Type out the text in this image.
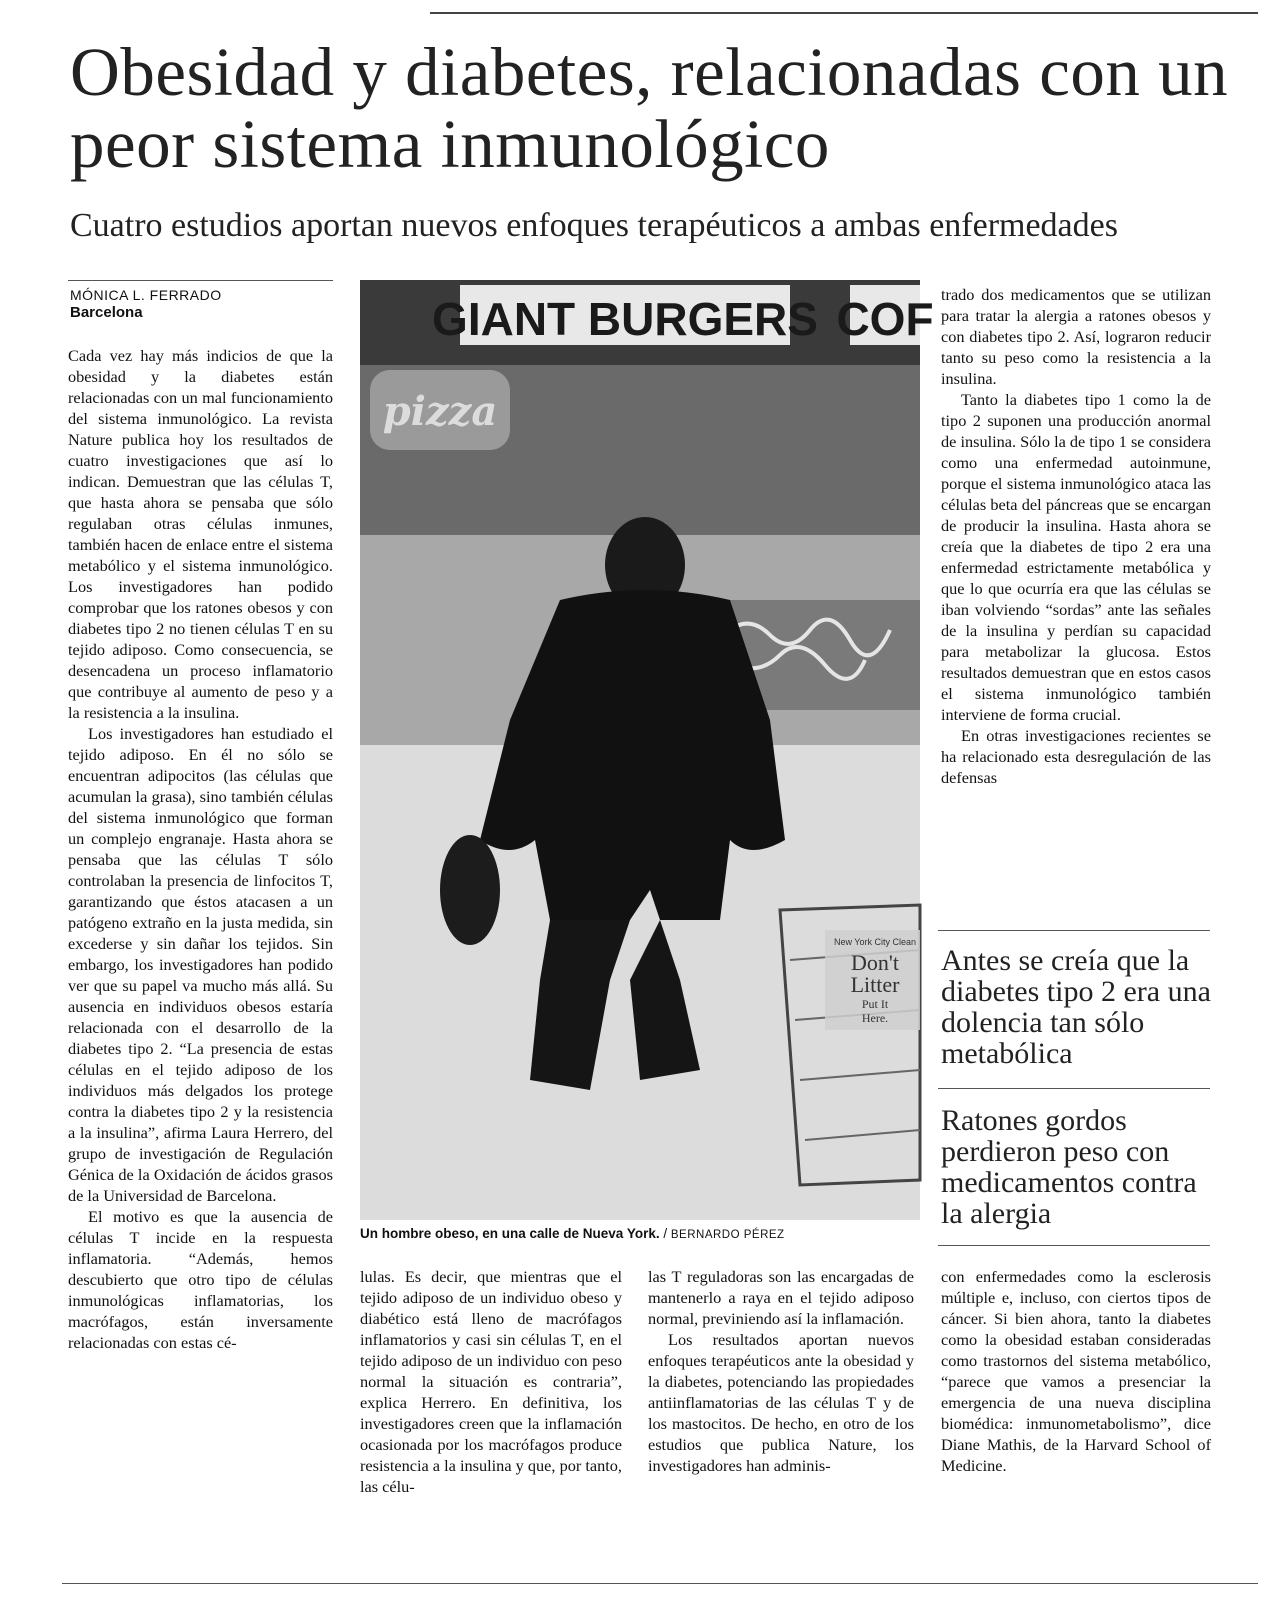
Obesidad y diabetes, relacionadas con un peor sistema inmunológico
Cuatro estudios aportan nuevos enfoques terapéuticos a ambas enfermedades
MÓNICA L. FERRADO
Barcelona

Cada vez hay más indicios de que la obesidad y la diabetes están relacionadas con un mal funcionamiento del sistema inmunológico. La revista Nature publica hoy los resultados de cuatro investigaciones que así lo indican. Demuestran que las células T, que hasta ahora se pensaba que sólo regulaban otras células inmunes, también hacen de enlace entre el sistema metabólico y el sistema inmunológico. Los investigadores han podido comprobar que los ratones obesos y con diabetes tipo 2 no tienen células T en su tejido adiposo. Como consecuencia, se desencadena un proceso inflamatorio que contribuye al aumento de peso y a la resistencia a la insulina.

Los investigadores han estudiado el tejido adiposo. En él no sólo se encuentran adipocitos (las células que acumulan la grasa), sino también células del sistema inmunológico que forman un complejo engranaje. Hasta ahora se pensaba que las células T sólo controlaban la presencia de linfocitos T, garantizando que éstos atacasen a un patógeno extraño en la justa medida, sin excederse y sin dañar los tejidos. Sin embargo, los investigadores han podido ver que su papel va mucho más allá. Su ausencia en individuos obesos estaría relacionada con el desarrollo de la diabetes tipo 2. “La presencia de estas células en el tejido adiposo de los individuos más delgados los protege contra la diabetes tipo 2 y la resistencia a la insulina”, afirma Laura Herrero, del grupo de investigación de Regulación Génica de la Oxidación de ácidos grasos de la Universidad de Barcelona.

El motivo es que la ausencia de células T incide en la respuesta inflamatoria. “Además, hemos descubierto que otro tipo de células inmunológicas inflamatorias, los macrófagos, están inversamente relacionadas con estas cé-

GIANT BURGERS COF
pizza
New York City Clean
Don't
Litter
Put It
Here.
Un hombre obeso, en una calle de Nueva York. / BERNARDO PÉREZ

lulas. Es decir, que mientras que el tejido adiposo de un individuo obeso y diabético está lleno de macrófagos inflamatorios y casi sin células T, en el tejido adiposo de un individuo con peso normal la situación es contraria”, explica Herrero. En definitiva, los investigadores creen que la inflamación ocasionada por los macrófagos produce resistencia a la insulina y que, por tanto, las célu-

las T reguladoras son las encargadas de mantenerlo a raya en el tejido adiposo normal, previniendo así la inflamación.

Los resultados aportan nuevos enfoques terapéuticos ante la obesidad y la diabetes, potenciando las propiedades antiinflamatorias de las células T y de los mastocitos. De hecho, en otro de los estudios que publica Nature, los investigadores han adminis-

trado dos medicamentos que se utilizan para tratar la alergia a ratones obesos y con diabetes tipo 2. Así, lograron reducir tanto su peso como la resistencia a la insulina.

Tanto la diabetes tipo 1 como la de tipo 2 suponen una producción anormal de insulina. Sólo la de tipo 1 se considera como una enfermedad autoinmune, porque el sistema inmunológico ataca las células beta del páncreas que se encargan de producir la insulina. Hasta ahora se creía que la diabetes de tipo 2 era una enfermedad estrictamente metabólica y que lo que ocurría era que las células se iban volviendo “sordas” ante las señales de la insulina y perdían su capacidad para metabolizar la glucosa. Estos resultados demuestran que en estos casos el sistema inmunológico también interviene de forma crucial.

En otras investigaciones recientes se ha relacionado esta desregulación de las defensas

Antes se creía que la diabetes tipo 2 era una dolencia tan sólo metabólica
Ratones gordos perdieron peso con medicamentos contra la alergia

con enfermedades como la esclerosis múltiple e, incluso, con ciertos tipos de cáncer. Si bien ahora, tanto la diabetes como la obesidad estaban consideradas como trastornos del sistema metabólico, “parece que vamos a presenciar la emergencia de una nueva disciplina biomédica: inmunometabolismo”, dice Diane Mathis, de la Harvard School of Medicine.
